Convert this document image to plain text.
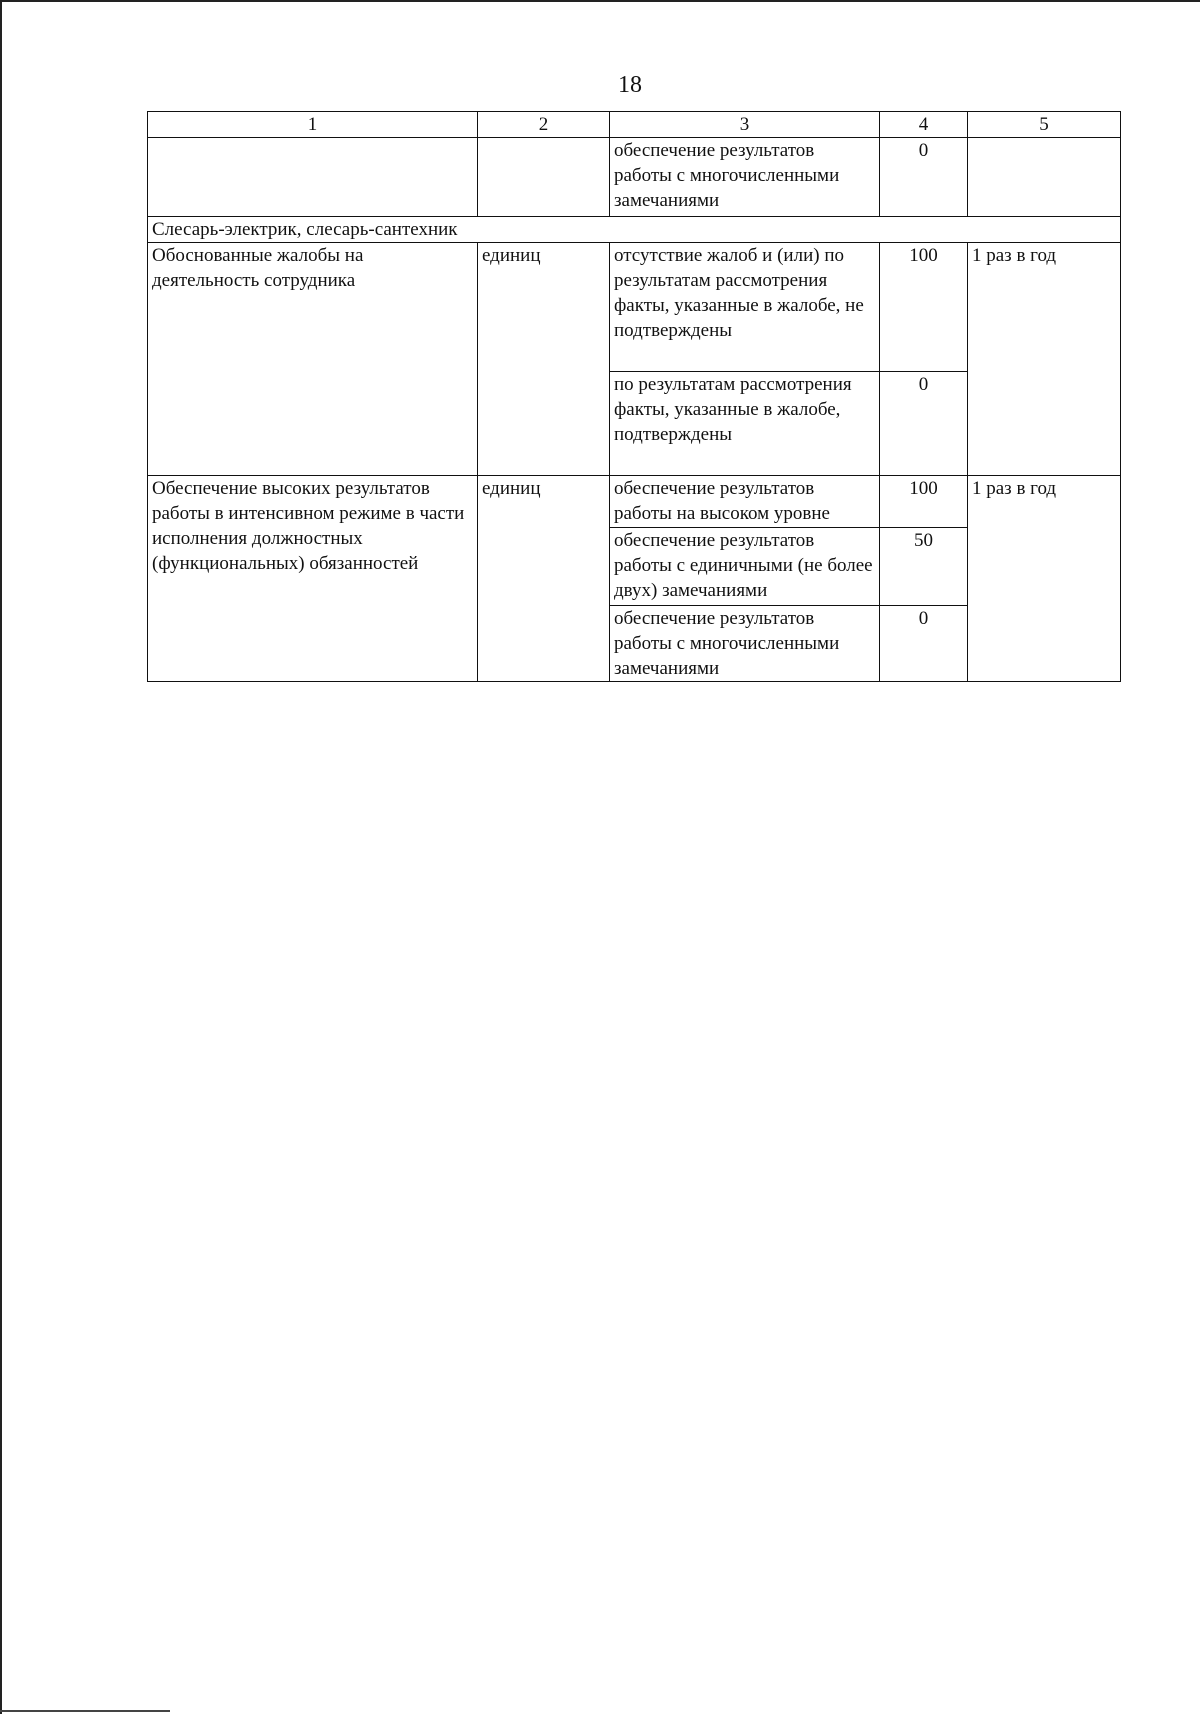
18
1	2	3	4	5
		обеспечение результатов работы с многочисленными замечаниями	0	
Слесарь-электрик, слесарь-сантехник				
Обоснованные жалобы на деятельность сотрудника	единиц	отсутствие жалоб и (или) по результатам рассмотрения факты, указанные в жалобе, не подтверждены	100	1 раз в год
		по результатам рассмотрения факты, указанные в жалобе, подтверждены	0	
Обеспечение высоких результатов работы в интенсивном режиме в части исполнения должностных (функциональных) обязанностей	единиц	обеспечение результатов работы на высоком уровне	100	1 раз в год
		обеспечение результатов работы с единичными (не более двух) замечаниями	50	
		обеспечение результатов работы с многочисленными замечаниями	0	
